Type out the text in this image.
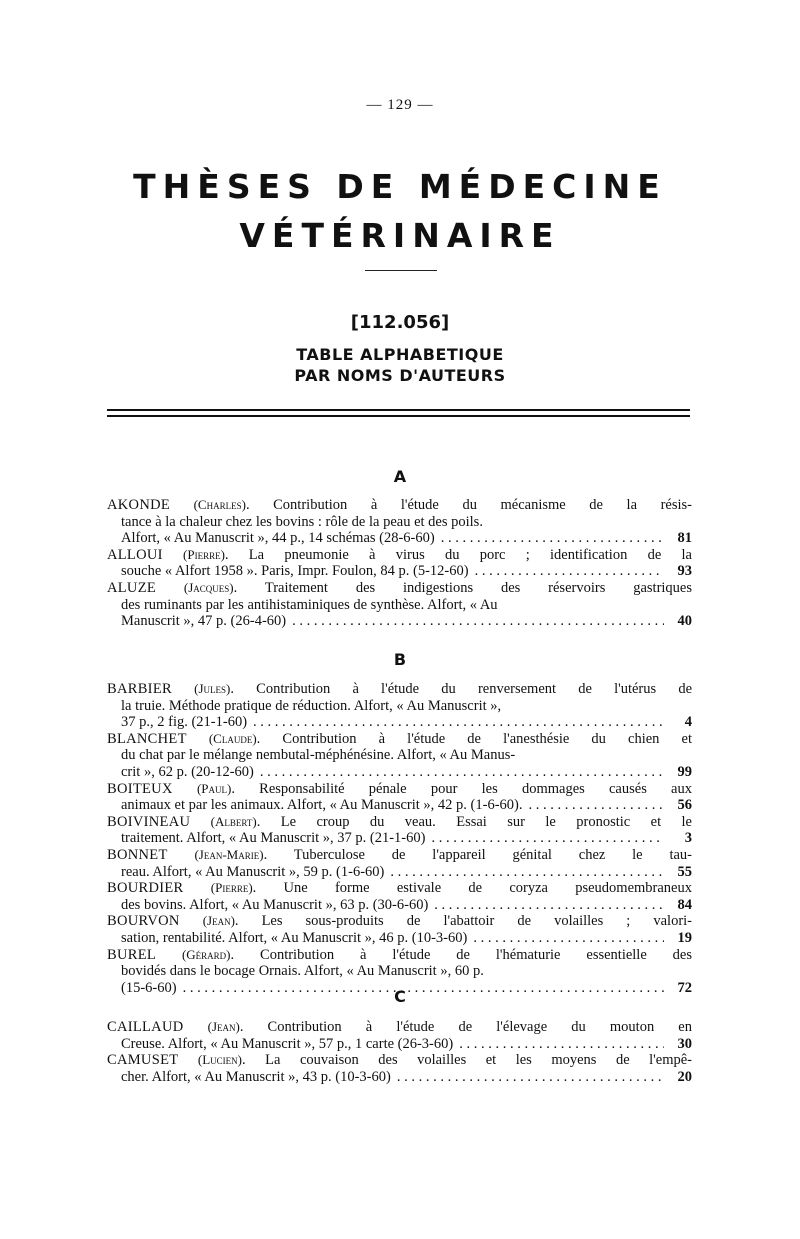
— 129 —
THÈSES DE MÉDECINE
VÉTÉRINAIRE
[112.056]
TABLE ALPHABETIQUE
PAR NOMS D'AUTEURS
A
AKONDE (Charles). Contribution à l'étude du mécanisme de la résis-
tance à la chaleur chez les bovins : rôle de la peau et des poils.
Alfort, « Au Manuscrit », 44 p., 14 schémas (28-6-60) . . .	81
ALLOUI (Pierre). La pneumonie à virus du porc ; identification de la
souche « Alfort 1958 ». Paris, Impr. Foulon, 84 p. (5-12-60) . . .	93
ALUZE (Jacques). Traitement des indigestions des réservoirs gastriques
des ruminants par les antihistaminiques de synthèse. Alfort, « Au
Manuscrit », 47 p. (26-4-60) . . .	40
B
BARBIER (Jules). Contribution à l'étude du renversement de l'utérus de
la truie. Méthode pratique de réduction. Alfort, « Au Manuscrit »,
37 p., 2 fig. (21-1-60) . . .	4
BLANCHET (Claude). Contribution à l'étude de l'anesthésie du chien et
du chat par le mélange nembutal-méphénésine. Alfort, « Au Manus-
crit », 62 p. (20-12-60) . . .	99
BOITEUX (Paul). Responsabilité pénale pour les dommages causés aux
animaux et par les animaux. Alfort, « Au Manuscrit », 42 p. (1-6-60). . . .	56
BOIVINEAU (Albert). Le croup du veau. Essai sur le pronostic et le
traitement. Alfort, « Au Manuscrit », 37 p. (21-1-60) . . .	3
BONNET (Jean-Marie). Tuberculose de l'appareil génital chez le tau-
reau. Alfort, « Au Manuscrit », 59 p. (1-6-60) . . .	55
BOURDIER (Pierre). Une forme estivale de coryza pseudomembraneux
des bovins. Alfort, « Au Manuscrit », 63 p. (30-6-60) . . .	84
BOURVON (Jean). Les sous-produits de l'abattoir de volailles ; valori-
sation, rentabilité. Alfort, « Au Manuscrit », 46 p. (10-3-60) . . .	19
BUREL (Gérard). Contribution à l'étude de l'hématurie essentielle des
bovidés dans le bocage Ornais. Alfort, « Au Manuscrit », 60 p.
(15-6-60) . . .	72
C
CAILLAUD (Jean). Contribution à l'étude de l'élevage du mouton en
Creuse. Alfort, « Au Manuscrit », 57 p., 1 carte (26-3-60) . . .	30
CAMUSET (Lucien). La couvaison des volailles et les moyens de l'empê-
cher. Alfort, « Au Manuscrit », 43 p. (10-3-60) . . .	20
